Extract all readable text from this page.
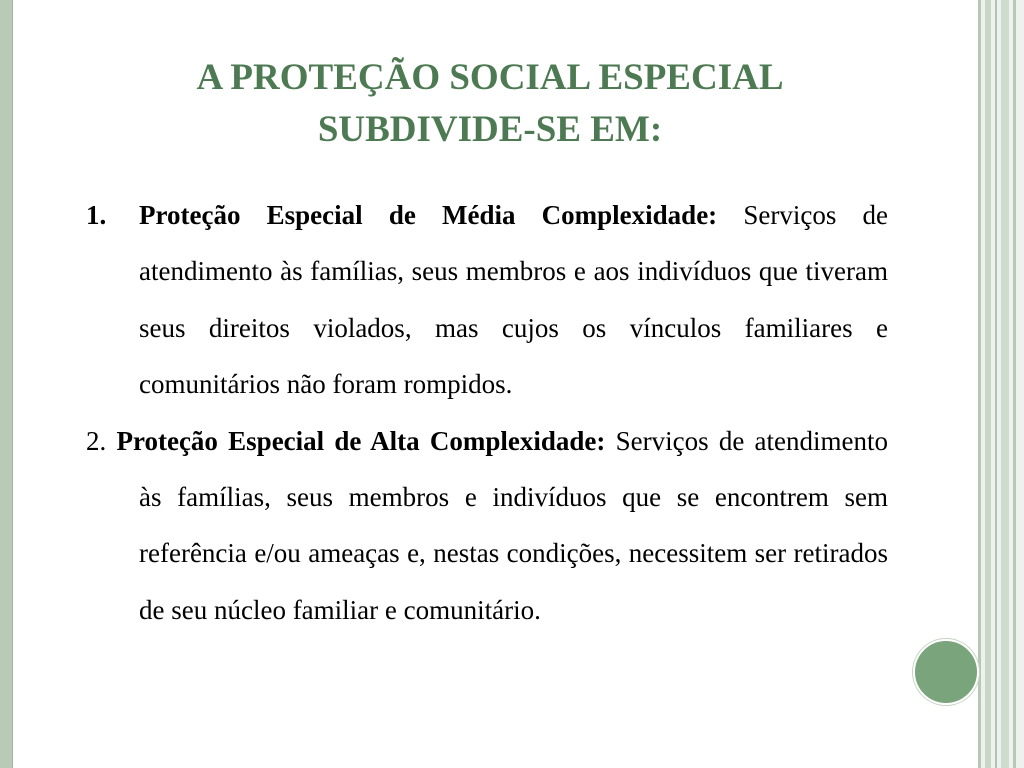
A PROTEÇÃO SOCIAL ESPECIAL
SUBDIVIDE-SE EM:
1. Proteção Especial de Média Complexidade: Serviços de atendimento às famílias, seus membros e aos indivíduos que tiveram seus direitos violados, mas cujos os vínculos familiares e comunitários não foram rompidos.
2. Proteção Especial de Alta Complexidade: Serviços de atendimento às famílias, seus membros e indivíduos que se encontrem sem referência e/ou ameaças e, nestas condições, necessitem ser retirados de seu núcleo familiar e comunitário.
